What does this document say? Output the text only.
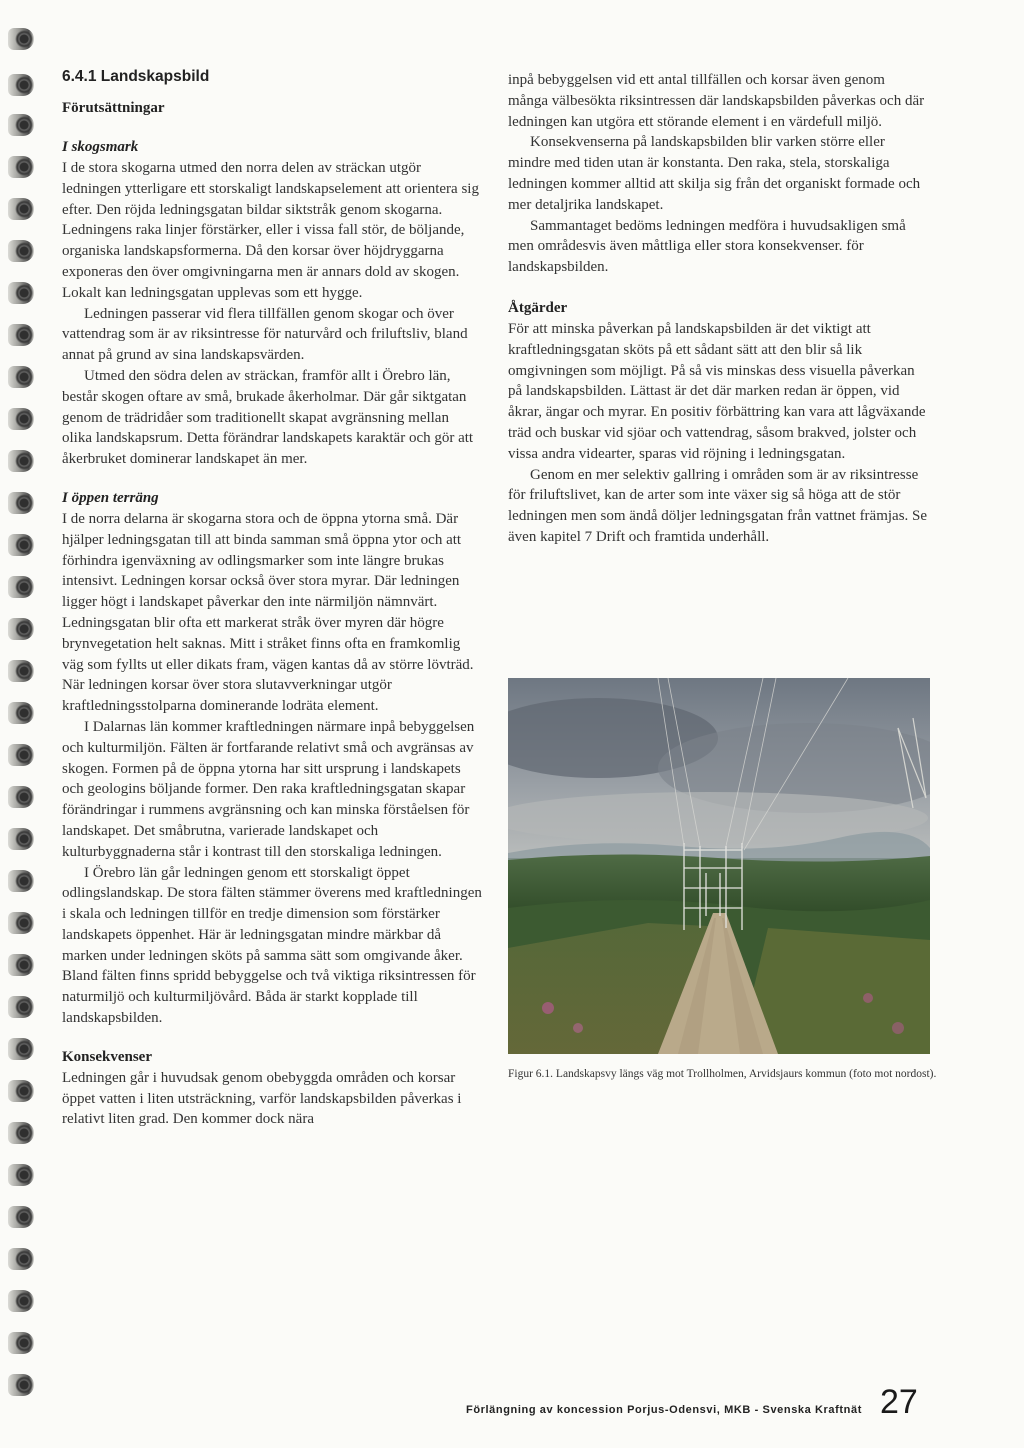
6.4.1 Landskapsbild
Förutsättningar
I skogsmark

I de stora skogarna utmed den norra delen av sträckan utgör ledningen ytterligare ett storskaligt landskapselement att orientera sig efter. Den röjda ledningsgatan bildar siktstråk genom skogarna. Ledningens raka linjer förstärker, eller i vissa fall stör, de böljande, organiska landskapsformerna. Då den korsar över höjdryggarna exponeras den över omgivningarna men är annars dold av skogen. Lokalt kan ledningsgatan upplevas som ett hygge.

Ledningen passerar vid flera tillfällen genom skogar och över vattendrag som är av riksintresse för naturvård och friluftsliv, bland annat på grund av sina landskapsvärden.

Utmed den södra delen av sträckan, framför allt i Örebro län, består skogen oftare av små, brukade åkerholmar. Där går siktgatan genom de trädridåer som traditionellt skapat avgränsning mellan olika landskapsrum. Detta förändrar landskapets karaktär och gör att åkerbruket dominerar landskapet än mer.

I öppen terräng

I de norra delarna är skogarna stora och de öppna ytorna små. Där hjälper ledningsgatan till att binda samman små öppna ytor och att förhindra igenväxning av odlingsmarker som inte längre brukas intensivt. Ledningen korsar också över stora myrar. Där ledningen ligger högt i landskapet påverkar den inte närmiljön nämnvärt. Ledningsgatan blir ofta ett markerat stråk över myren där högre brynvegetation helt saknas. Mitt i stråket finns ofta en framkomlig väg som fyllts ut eller dikats fram, vägen kantas då av större lövträd. När ledningen korsar över stora slutavverkningar utgör kraftledningsstolparna dominerande lodräta element.

I Dalarnas län kommer kraftledningen närmare inpå bebyggelsen och kulturmiljön. Fälten är fortfarande relativt små och avgränsas av skogen. Formen på de öppna ytorna har sitt ursprung i landskapets och geologins böljande former. Den raka kraftledningsgatan skapar förändringar i rummens avgränsning och kan minska förståelsen för landskapet. Det småbrutna, varierade landskapet och kulturbyggnaderna står i kontrast till den storskaliga ledningen.

I Örebro län går ledningen genom ett storskaligt öppet odlingslandskap. De stora fälten stämmer överens med kraftledningen i skala och ledningen tillför en tredje dimension som förstärker landskapets öppenhet. Här är ledningsgatan mindre märkbar då marken under ledningen sköts på samma sätt som omgivande åker. Bland fälten finns spridd bebyggelse och två viktiga riksintressen för naturmiljö och kulturmiljövård. Båda är starkt kopplade till landskapsbilden.

Konsekvenser

Ledningen går i huvudsak genom obebyggda områden och korsar öppet vatten i liten utsträckning, varför landskapsbilden påverkas i relativt liten grad. Den kommer dock nära

inpå bebyggelsen vid ett antal tillfällen och korsar även genom många välbesökta riksintressen där landskapsbilden påverkas och där ledningen kan utgöra ett störande element i en värdefull miljö.

Konsekvenserna på landskapsbilden blir varken större eller mindre med tiden utan är konstanta. Den raka, stela, storskaliga ledningen kommer alltid att skilja sig från det organiskt formade och mer detaljrika landskapet.

Sammantaget bedöms ledningen medföra i huvudsakligen små men områdesvis även måttliga eller stora konsekvenser. för landskapsbilden.

Åtgärder

För att minska påverkan på landskapsbilden är det viktigt att kraftledningsgatan sköts på ett sådant sätt att den blir så lik omgivningen som möjligt. På så vis minskas dess visuella påverkan på landskapsbilden. Lättast är det där marken redan är öppen, vid åkrar, ängar och myrar. En positiv förbättring kan vara att lågväxande träd och buskar vid sjöar och vattendrag, såsom brakved, jolster och vissa andra videarter, sparas vid röjning i ledningsgatan.

Genom en mer selektiv gallring i områden som är av riksintresse för friluftslivet, kan de arter som inte växer sig så höga att de stör ledningen men som ändå döljer ledningsgatan från vattnet främjas. Se även kapitel 7 Drift och framtida underhåll.

Figur 6.1. Landskapsvy längs väg mot Trollholmen, Arvidsjaurs kommun (foto mot nordost).
Förlängning av koncession Porjus-Odensvi, MKB - Svenska Kraftnät 27
